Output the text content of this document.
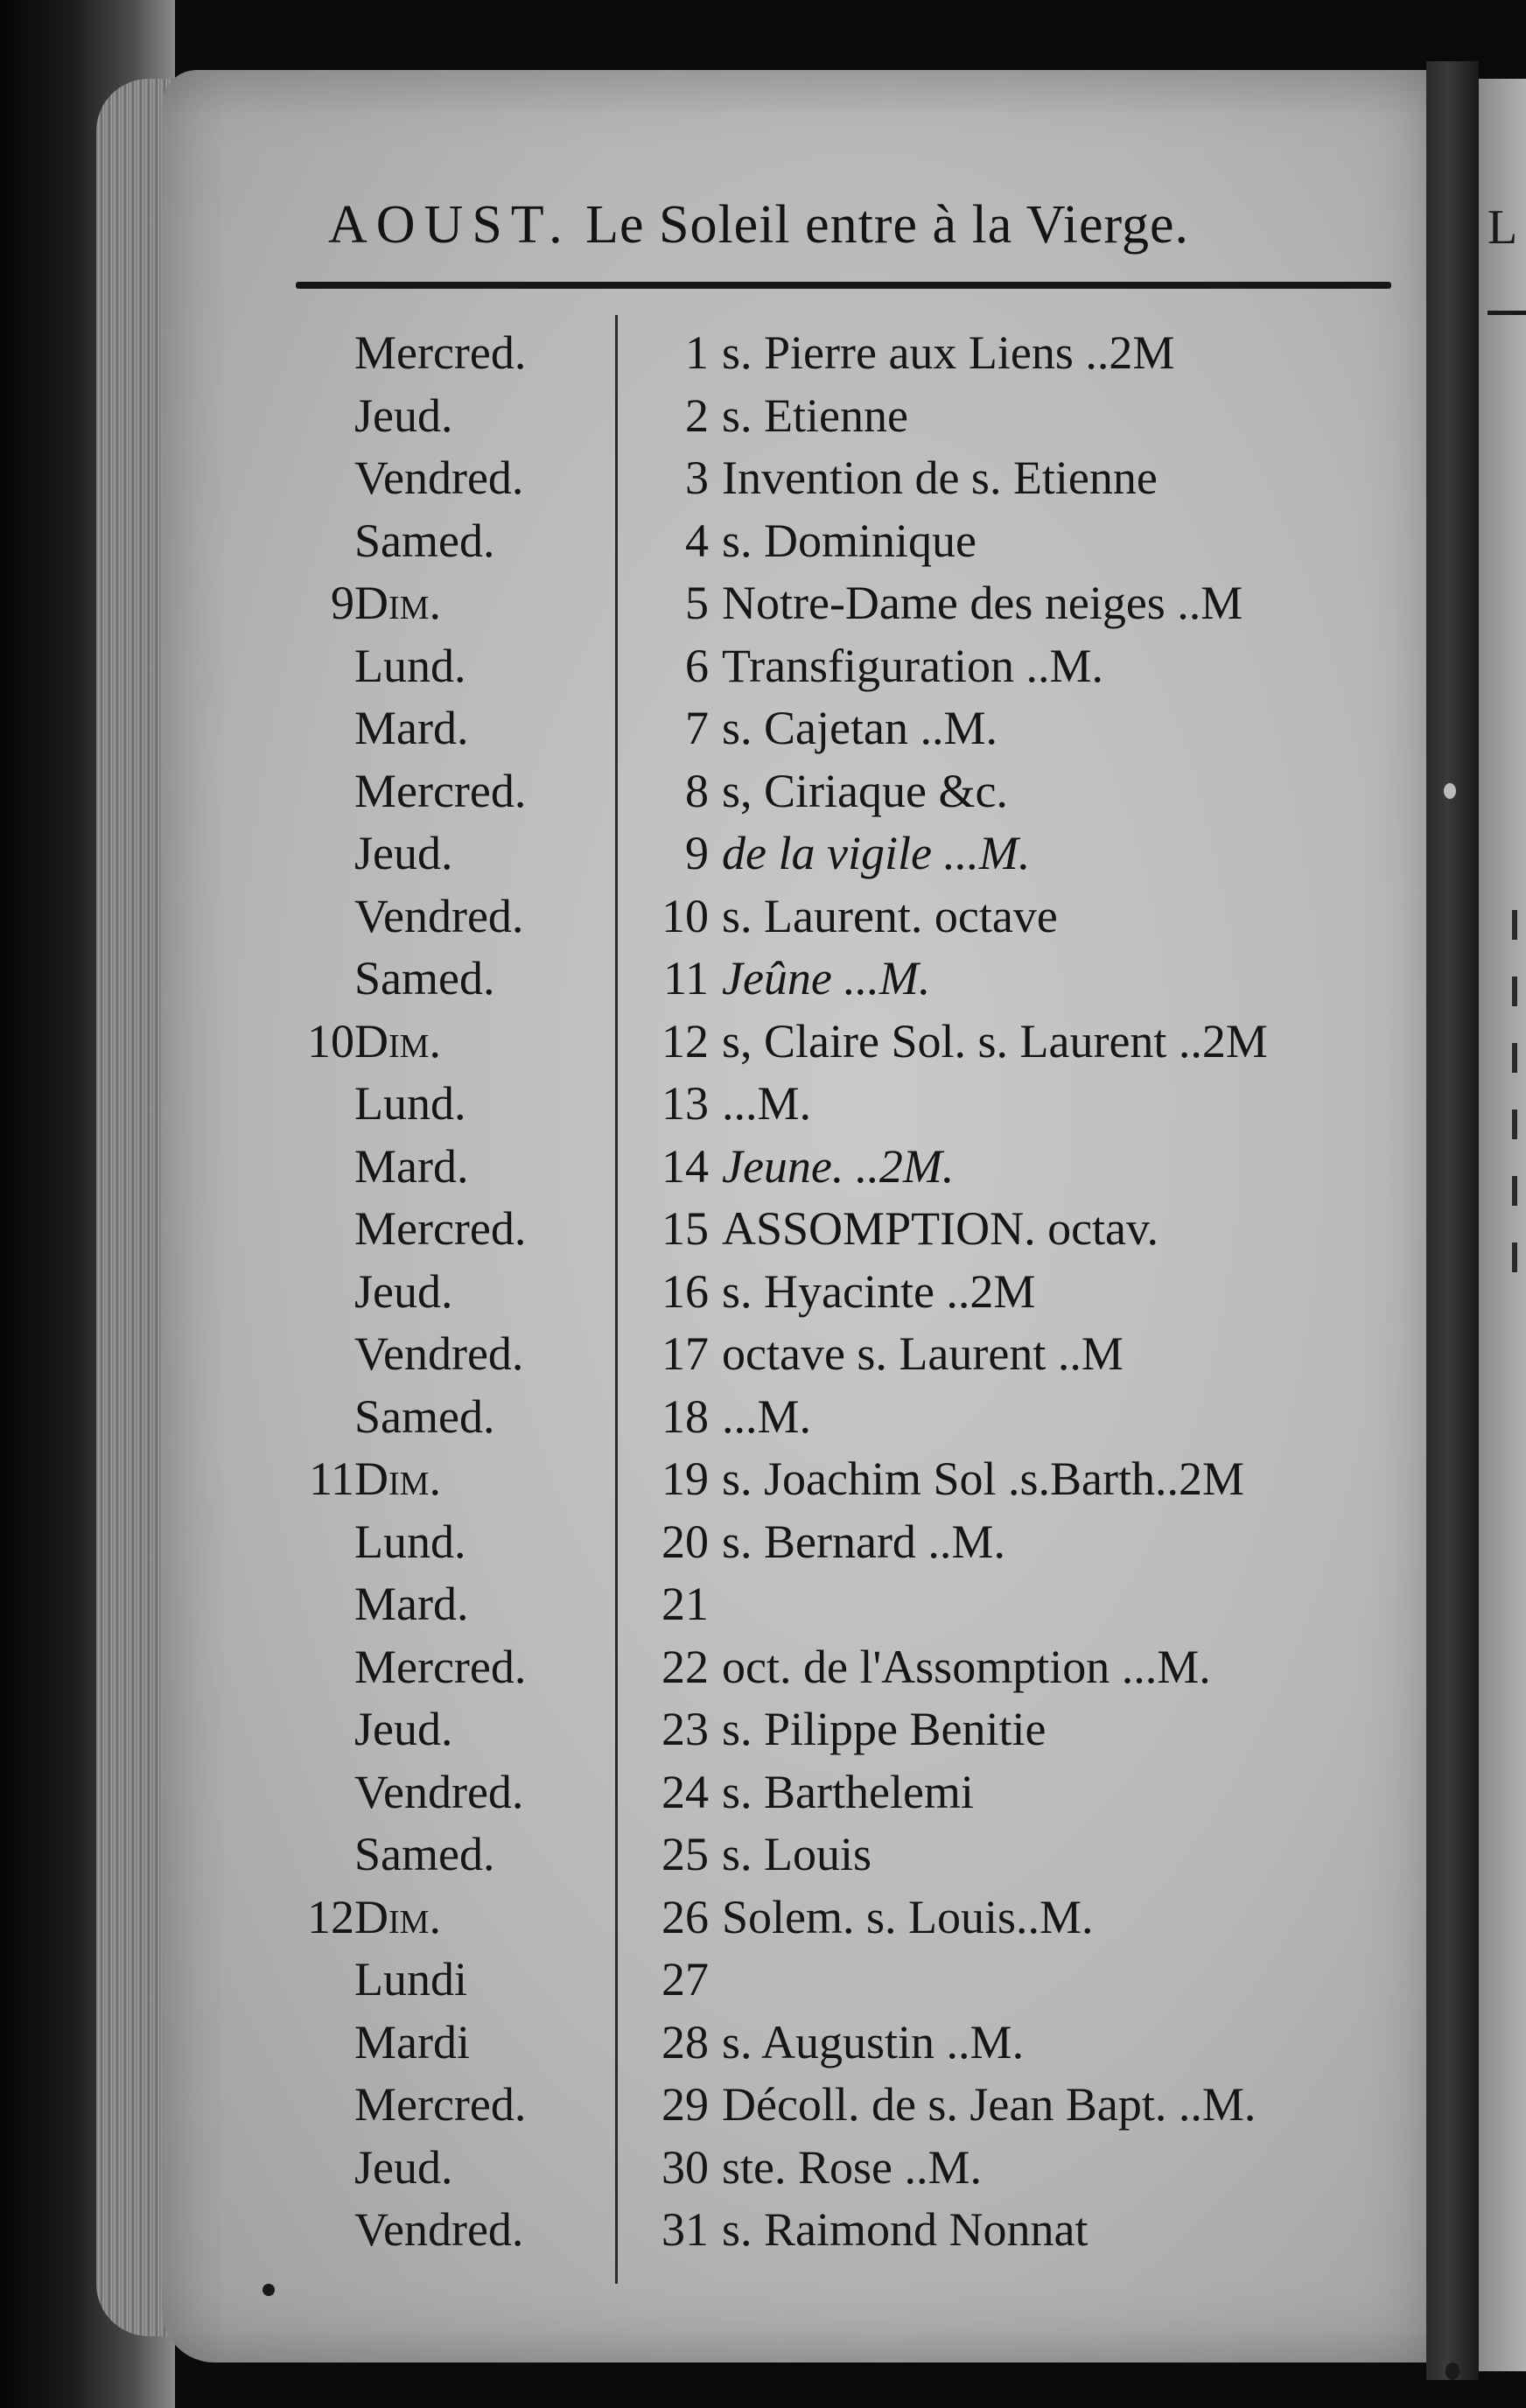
L
AOUST. Le Soleil entre à la Vierge.
Mercred.	1 s. Pierre aux Liens ..2M
Jeud.	2 s. Etienne
Vendred.	3 Invention de s. Etienne
Samed.	4 s. Dominique
9 Dim.	5 Notre-Dame des neiges ..M
Lund.	6 Transfiguration ..M.
Mard.	7 s. Cajetan ..M.
Mercred.	8 s, Ciriaque &c.
Jeud.	9 de la vigile ...M.
Vendred.	10 s. Laurent. octave
Samed.	11 Jeûne ...M.
10 Dim.	12 s, Claire Sol. s. Laurent ..2M
Lund.	13 ...M.
Mard.	14 Jeune. ..2M.
Mercred.	15 ASSOMPTION. octav.
Jeud.	16 s. Hyacinte ..2M
Vendred.	17 octave s. Laurent ..M
Samed.	18 ...M.
11 Dim.	19 s. Joachim Sol .s.Barth..2M
Lund.	20 s. Bernard ..M.
Mard.	21
Mercred.	22 oct. de l'Assomption ...M.
Jeud.	23 s. Pilippe Benitie
Vendred.	24 s. Barthelemi
Samed.	25 s. Louis
12 Dim.	26 Solem. s. Louis..M.
Lundi	27
Mardi	28 s. Augustin ..M.
Mercred.	29 Décoll. de s. Jean Bapt. ..M.
Jeud.	30 ste. Rose ..M.
Vendred.	31 s. Raimond Nonnat
